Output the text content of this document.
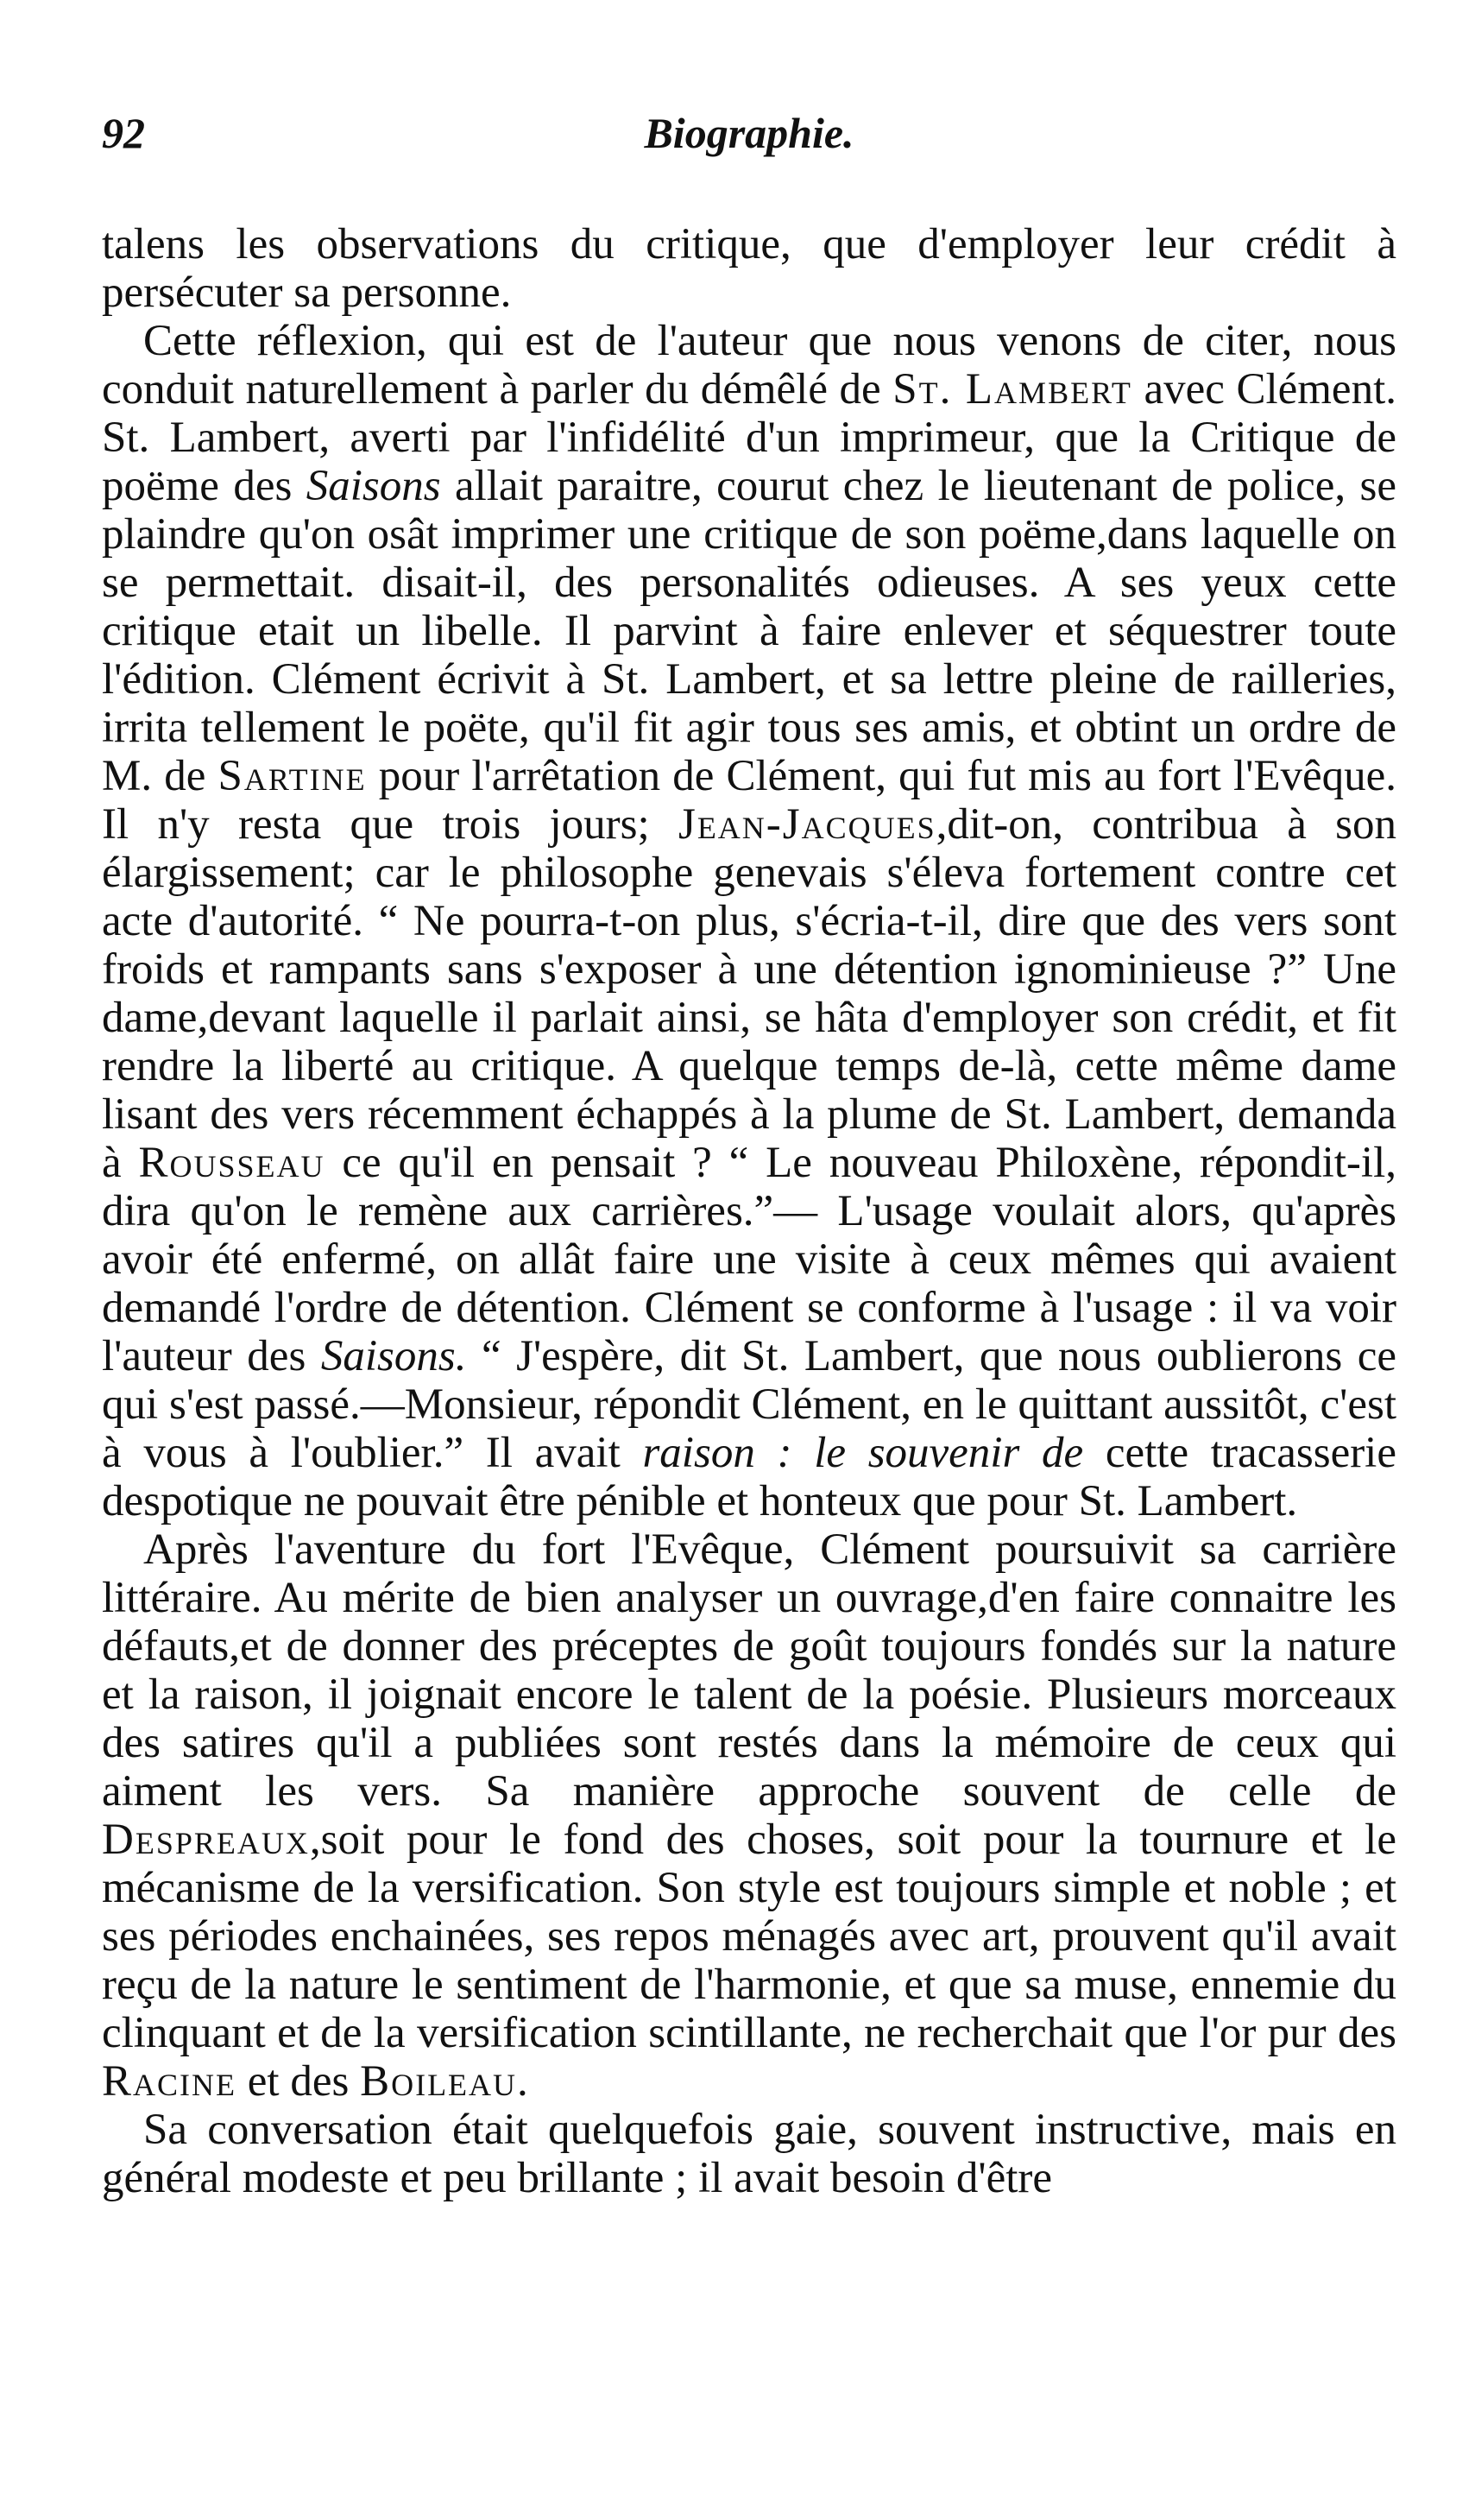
92	Biographie.

talens les observations du critique, que d'employer leur crédit à persécuter sa personne.

Cette réflexion, qui est de l'auteur que nous venons de citer, nous conduit naturellement à parler du démêlé de St. Lambert avec Clément. St. Lambert, averti par l'infidélité d'un imprimeur, que la Critique de poëme des Saisons allait paraitre, courut chez le lieutenant de police, se plaindre qu'on osât imprimer une critique de son poëme,dans laquelle on se permettait. disait-il, des personalités odieuses. A ses yeux cette critique etait un libelle. Il parvint à faire enlever et séquestrer toute l'édition. Clément écrivit à St. Lambert, et sa lettre pleine de railleries, irrita tellement le poëte, qu'il fit agir tous ses amis, et obtint un ordre de M. de Sartine pour l'arrêtation de Clément, qui fut mis au fort l'Evêque. Il n'y resta que trois jours; Jean-Jacques,dit-on, contribua à son élargissement; car le philosophe genevais s'éleva fortement contre cet acte d'autorité. “ Ne pourra-t-on plus, s'écria-t-il, dire que des vers sont froids et rampants sans s'exposer à une détention ignominieuse ?” Une dame,devant laquelle il parlait ainsi, se hâta d'employer son crédit, et fit rendre la liberté au critique. A quelque temps de-là, cette même dame lisant des vers récemment échappés à la plume de St. Lambert, demanda à Rousseau ce qu'il en pensait ? “ Le nouveau Philoxène, répondit-il, dira qu'on le remène aux carrières.”— L'usage voulait alors, qu'après avoir été enfermé, on allât faire une visite à ceux mêmes qui avaient demandé l'ordre de détention. Clément se conforme à l'usage : il va voir l'auteur des Saisons. “ J'espère, dit St. Lambert, que nous oublierons ce qui s'est passé.—Monsieur, répondit Clément, en le quittant aussitôt, c'est à vous à l'oublier.” Il avait raison : le souvenir de cette tracasserie despotique ne pouvait être pénible et honteux que pour St. Lambert.

Après l'aventure du fort l'Evêque, Clément poursuivit sa carrière littéraire. Au mérite de bien analyser un ouvrage,d'en faire connaitre les défauts,et de donner des préceptes de goût toujours fondés sur la nature et la raison, il joignait encore le talent de la poésie. Plusieurs morceaux des satires qu'il a publiées sont restés dans la mémoire de ceux qui aiment les vers. Sa manière approche souvent de celle de Despreaux,soit pour le fond des choses, soit pour la tournure et le mécanisme de la versification. Son style est toujours simple et noble ; et ses périodes enchainées, ses repos ménagés avec art, prouvent qu'il avait reçu de la nature le sentiment de l'harmonie, et que sa muse, ennemie du clinquant et de la versification scintillante, ne recherchait que l'or pur des Racine et des Boileau.

Sa conversation était quelquefois gaie, souvent instructive, mais en général modeste et peu brillante ; il avait besoin d'être
